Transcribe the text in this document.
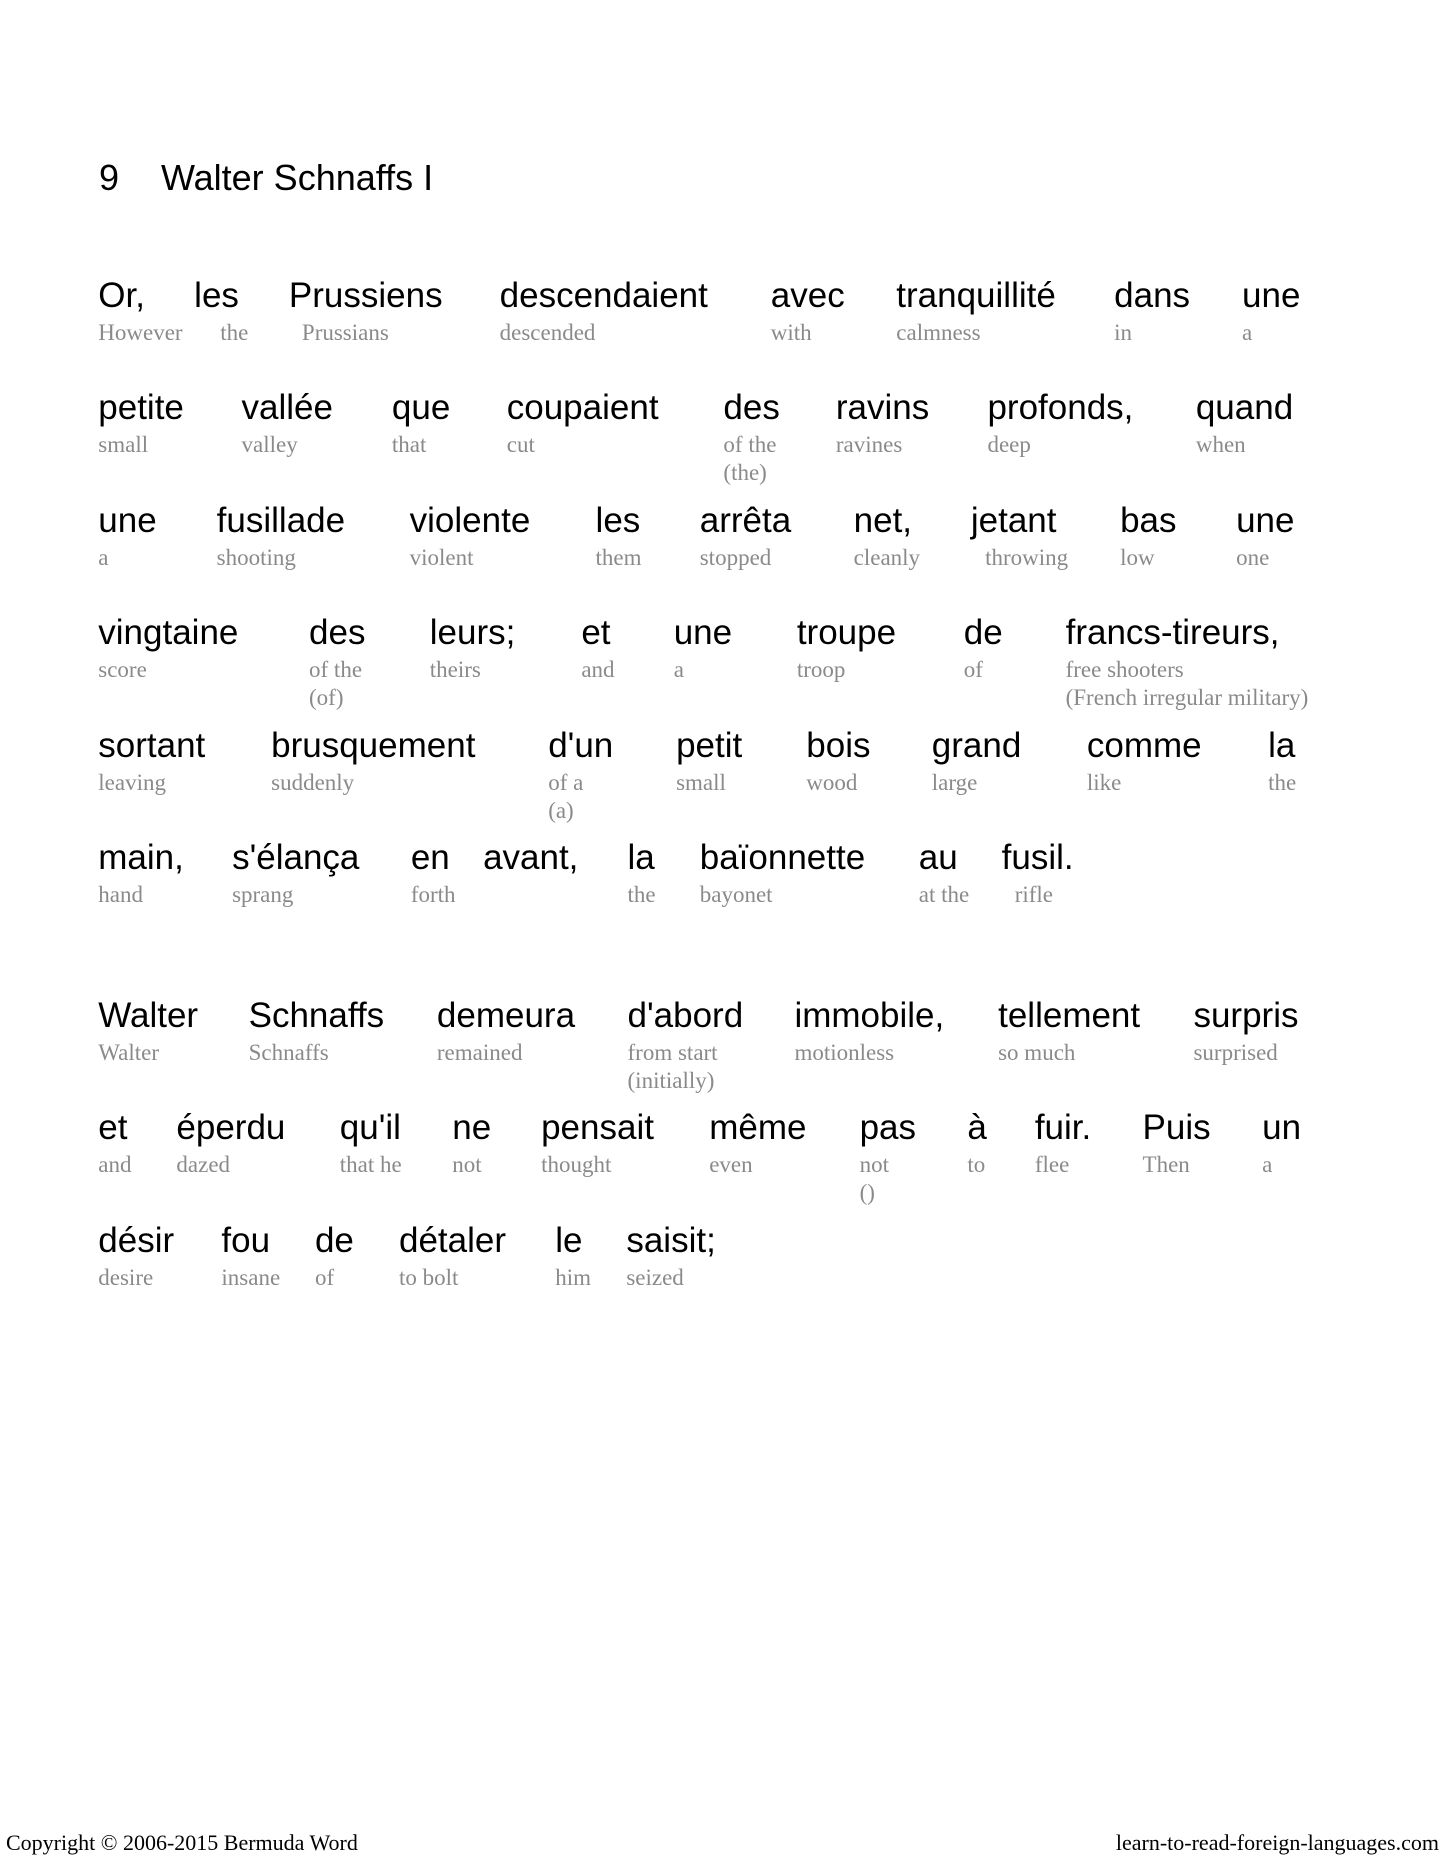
9 Walter Schnaffs I
Or,
However
les
the
Prussiens
Prussians
descendaient
descended
avec
with
tranquillité
calmness
dans
in
une
a
petite
small
vallée
valley
que
that
coupaient
cut
des
of the
(the)
ravins
ravines
profonds,
deep
quand
when
une
a
fusillade
shooting
violente
violent
les
them
arrêta
stopped
net,
cleanly
jetant
throwing
bas
low
une
one
vingtaine
score
des
of the
(of)
leurs;
theirs
et
and
une
a
troupe
troop
de
of
francs-tireurs,
free shooters
(French irregular military)
sortant
leaving
brusquement
suddenly
d'un
of a
(a)
petit
small
bois
wood
grand
large
comme
like
la
the
main,
hand
s'élança
sprang
en
forth
avant, la
the
baïonnette
bayonet
au
at the
fusil.
rifle
Walter
Walter
Schnaffs
Schnaffs
demeura
remained
d'abord
from start
(initially)
immobile,
motionless
tellement
so much
surpris
surprised
et
and
éperdu
dazed
qu'il
that he
ne
not
pensait
thought
même
even
pas
not
()
à
to
fuir.
flee
Puis
Then
un
a
désir
desire
fou
insane
de
of
détaler
to bolt
le
him
saisit;
seized
Copyright © 2006-2015 Bermuda Word	learn-to-read-foreign-languages.com
